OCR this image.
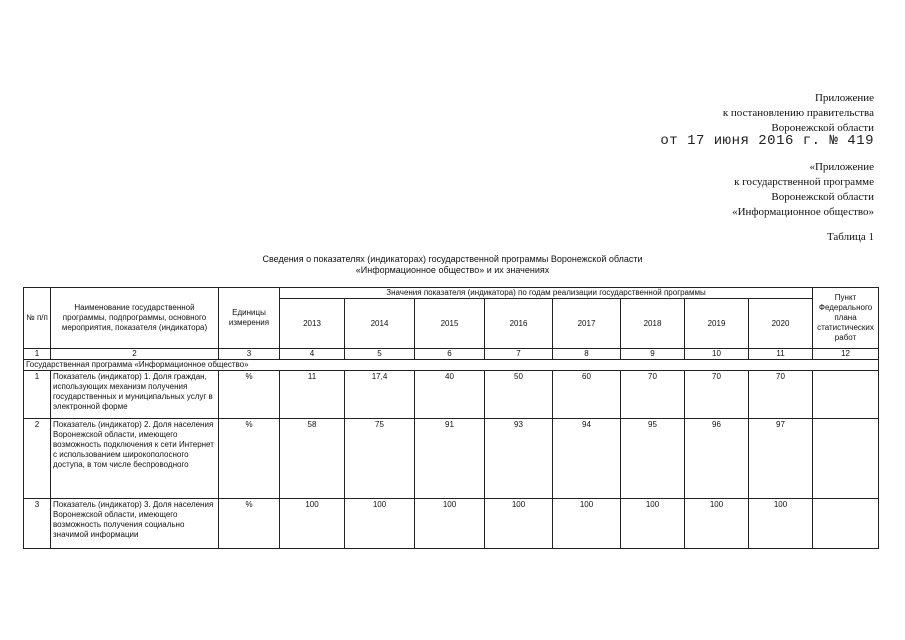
Приложение
к постановлению правительства
Воронежской области
от 17 июня 2016 г. № 419
«Приложение
к государственной программе
Воронежской области
«Информационное общество»
Таблица 1
Сведения о показателях (индикаторах) государственной программы Воронежской области
«Информационное общество» и их значениях
№ п/п	Наименование государственной программы, подпрограммы, основного мероприятия, показателя (индикатора)	Единицы измерения	Значения показателя (индикатора) по годам реализации государственной программы								Пункт Федерального плана статистических работ
			2013	2014	2015	2016	2017	2018	2019	2020	
1	2	3	4	5	6	7	8	9	10	11	12
Государственная программа «Информационное общество»											
1	Показатель (индикатор) 1. Доля граждан, использующих механизм получения государственных и муниципальных услуг в электронной форме	%	11	17,4	40	50	60	70	70	70	
2	Показатель (индикатор) 2. Доля населения Воронежской области, имеющего возможность подключения к сети Интернет с использованием широкополосного доступа, в том числе беспроводного	%	58	75	91	93	94	95	96	97	
3	Показатель (индикатор) 3. Доля населения Воронежской области, имеющего возможность получения социально значимой информации	%	100	100	100	100	100	100	100	100	
